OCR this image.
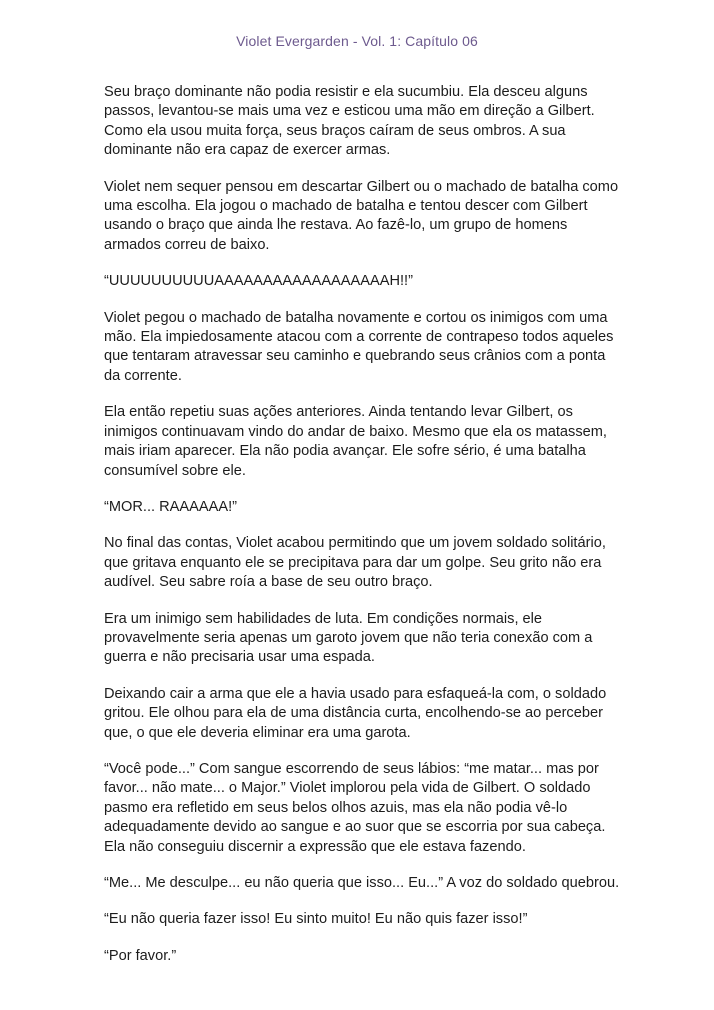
Violet Evergarden - Vol. 1: Capítulo 06

Seu braço dominante não podia resistir e ela sucumbiu. Ela desceu alguns
passos, levantou-se mais uma vez e esticou uma mão em direção a Gilbert.
Como ela usou muita força, seus braços caíram de seus ombros. A sua
dominante não era capaz de exercer armas.

Violet nem sequer pensou em descartar Gilbert ou o machado de batalha como
uma escolha. Ela jogou o machado de batalha e tentou descer com Gilbert
usando o braço que ainda lhe restava. Ao fazê-lo, um grupo de homens
armados correu de baixo.

“UUUUUUUUUUAAAAAAAAAAAAAAAAAAH!!”

Violet pegou o machado de batalha novamente e cortou os inimigos com uma
mão. Ela impiedosamente atacou com a corrente de contrapeso todos aqueles
que tentaram atravessar seu caminho e quebrando seus crânios com a ponta
da corrente.

Ela então repetiu suas ações anteriores. Ainda tentando levar Gilbert, os
inimigos continuavam vindo do andar de baixo. Mesmo que ela os matassem,
mais iriam aparecer. Ela não podia avançar. Ele sofre sério, é uma batalha
consumível sobre ele.

“MOR... RAAAAAA!”

No final das contas, Violet acabou permitindo que um jovem soldado solitário,
que gritava enquanto ele se precipitava para dar um golpe. Seu grito não era
audível. Seu sabre roía a base de seu outro braço.

Era um inimigo sem habilidades de luta. Em condições normais, ele
provavelmente seria apenas um garoto jovem que não teria conexão com a
guerra e não precisaria usar uma espada.

Deixando cair a arma que ele a havia usado para esfaqueá-la com, o soldado
gritou. Ele olhou para ela de uma distância curta, encolhendo-se ao perceber
que, o que ele deveria eliminar era uma garota.

“Você pode...” Com sangue escorrendo de seus lábios: “me matar... mas por
favor... não mate... o Major.” Violet implorou pela vida de Gilbert. O soldado
pasmo era refletido em seus belos olhos azuis, mas ela não podia vê-lo
adequadamente devido ao sangue e ao suor que se escorria por sua cabeça.
Ela não conseguiu discernir a expressão que ele estava fazendo.

“Me... Me desculpe... eu não queria que isso... Eu...” A voz do soldado quebrou.

“Eu não queria fazer isso! Eu sinto muito! Eu não quis fazer isso!”

“Por favor.”
